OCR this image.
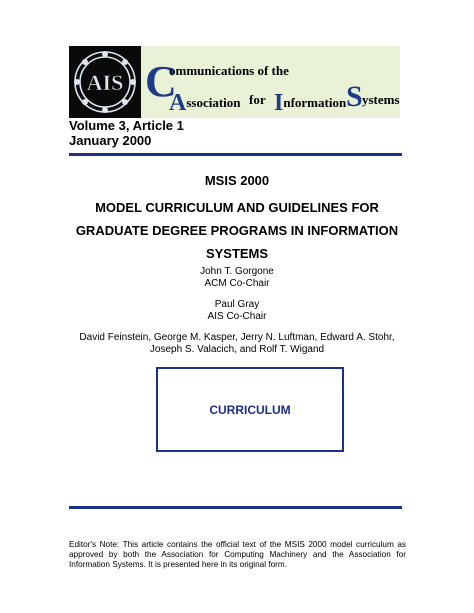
AIS C
ommunications of the
Association for Information S ystems
Volume 3, Article 1
January 2000
MSIS 2000
MODEL CURRICULUM AND GUIDELINES FOR
GRADUATE DEGREE PROGRAMS IN INFORMATION
SYSTEMS
John T. Gorgone
ACM Co-Chair
Paul Gray
AIS Co-Chair
David Feinstein, George M. Kasper, Jerry N. Luftman, Edward A. Stohr,
Joseph S. Valacich, and Rolf T. Wigand
CURRICULUM
Editor's Note: This article contains the official text of the MSIS 2000 model curriculum as approved by both the Association for Computing Machinery and the Association for Information Systems. It is presented here in its original form.
